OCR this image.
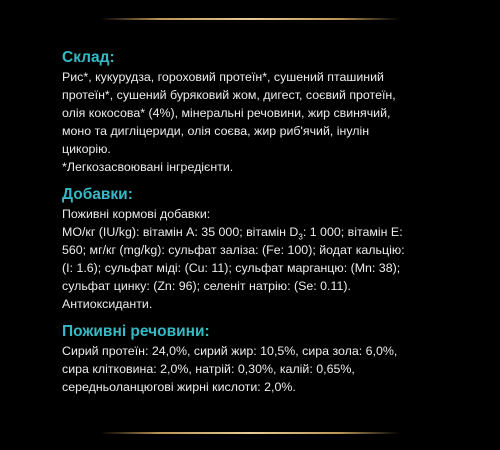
Склад:
Рис*, кукурудза, гороховий протеїн*, сушений пташиний
протеїн*, сушений буряковий жом, дигест, соєвий протеїн,
олія кокосова* (4%), мінеральні речовини, жир свинячий,
моно та дигліцериди, олія соєва, жир риб'ячий, інулін
цикорію.
*Легкозасвоювані інгредієнти.
Добавки:
Поживні кормові добавки:
МО/кг (IU/kg): вітамін А: 35 000; вітамін $D_3$: 1 000; вітамін Е:
560; мг/кг (mg/kg): сульфат заліза: (Fe: 100); йодат кальцію:
(I: 1.6); сульфат міді: (Cu: 11); сульфат марганцю: (Mn: 38);
сульфат цинку: (Zn: 96); селеніт натрію: (Se: 0.11).
Антиоксиданти.
Поживні речовини:
Сирий протеїн: 24,0%, сирий жир: 10,5%, сира зола: 6,0%,
сира клітковина: 2,0%, натрій: 0,30%, калій: 0,65%,
середньоланцюгові жирні кислоти: 2,0%.
